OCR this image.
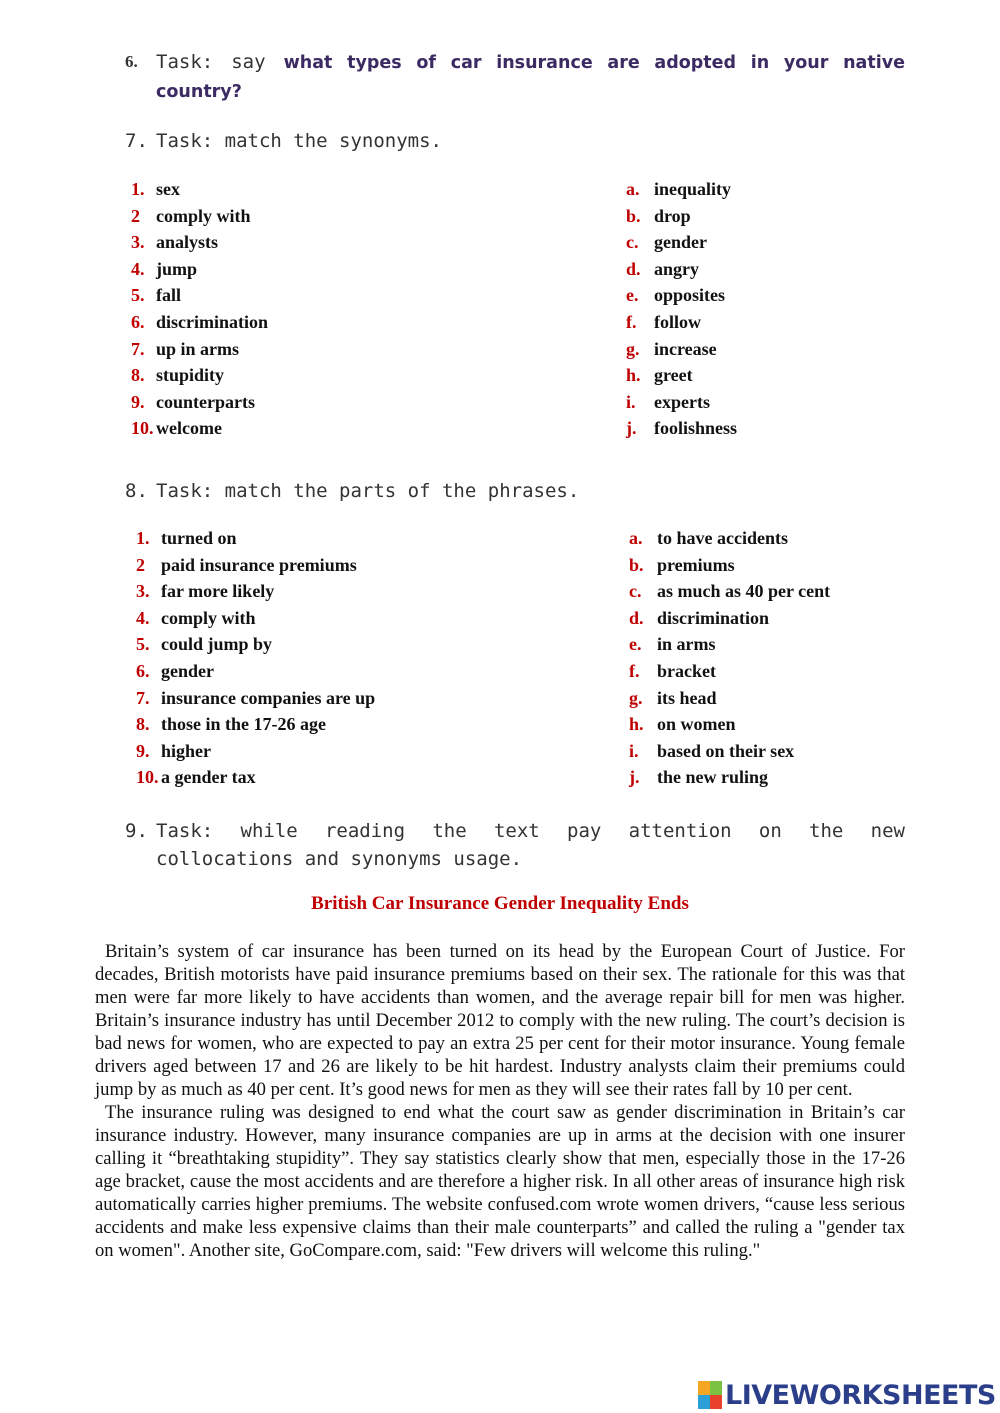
6. Task: say what types of car insurance are adopted in your native country?
7. Task: match the synonyms.
1. sex
2 comply with
3. analysts
4. jump
5. fall
6. discrimination
7. up in arms
8. stupidity
9. counterparts
10. welcome
a. inequality
b. drop
c. gender
d. angry
e. opposites
f. follow
g. increase
h. greet
i. experts
j. foolishness
8. Task: match the parts of the phrases.
1. turned on
2 paid insurance premiums
3. far more likely
4. comply with
5. could jump by
6. gender
7. insurance companies are up
8. those in the 17-26 age
9. higher
10. a gender tax
a. to have accidents
b. premiums
c. as much as 40 per cent
d. discrimination
e. in arms
f. bracket
g. its head
h. on women
i. based on their sex
j. the new ruling
9. Task: while reading the text pay attention on the new collocations and synonyms usage.
British Car Insurance Gender Inequality Ends

Britain’s system of car insurance has been turned on its head by the European Court of Justice. For decades, British motorists have paid insurance premiums based on their sex. The rationale for this was that men were far more likely to have accidents than women, and the average repair bill for men was higher. Britain’s insurance industry has until December 2012 to comply with the new ruling. The court’s decision is bad news for women, who are expected to pay an extra 25 per cent for their motor insurance. Young female drivers aged between 17 and 26 are likely to be hit hardest. Industry analysts claim their premiums could jump by as much as 40 per cent. It’s good news for men as they will see their rates fall by 10 per cent.

The insurance ruling was designed to end what the court saw as gender discrimination in Britain’s car insurance industry. However, many insurance companies are up in arms at the decision with one insurer calling it “breathtaking stupidity”. They say statistics clearly show that men, especially those in the 17-26 age bracket, cause the most accidents and are therefore a higher risk. In all other areas of insurance high risk automatically carries higher premiums. The website confused.com wrote women drivers, “cause less serious accidents and make less expensive claims than their male counterparts” and called the ruling a "gender tax on women". Another site, GoCompare.com, said: "Few drivers will welcome this ruling."

LIVEWORKSHEETS
